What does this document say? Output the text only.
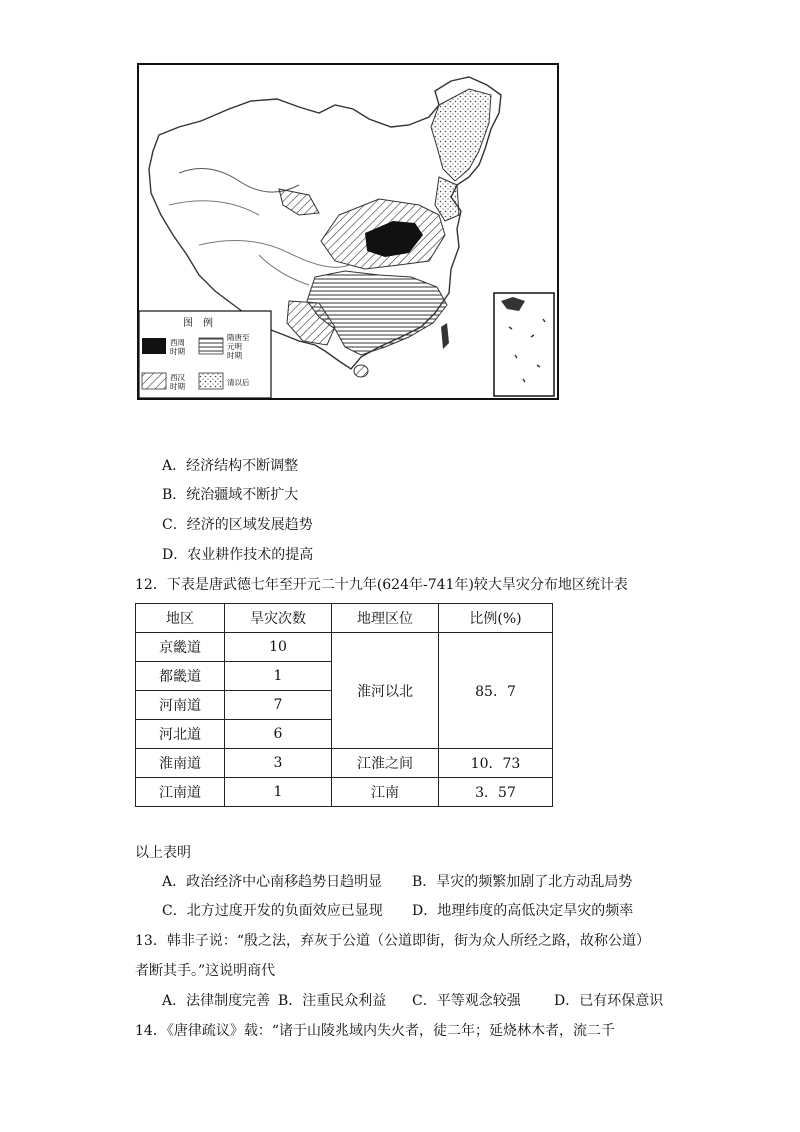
图　例
西周
时期
隋唐至
元明
时期
西汉
时期	清以后
A．经济结构不断调整
B．统治疆域不断扩大
C．经济的区域发展趋势
D．农业耕作技术的提高
12．下表是唐武德七年至开元二十九年(624年-741年)较大旱灾分布地区统计表
地区	旱灾次数	地理区位	比例(%)
京畿道	10	淮河以北	85．7
都畿道	1		
河南道	7		
河北道	6		
淮南道	3	江淮之间	10．73
江南道	1	江南	3．57
以上表明
A．政治经济中心南移趋势日趋明显 B．旱灾的频繁加剧了北方动乱局势
C．北方过度开发的负面效应已显现 D．地理纬度的高低决定旱灾的频率
13．韩非子说：“殷之法，弃灰于公道（公道即街，街为众人所经之路，故称公道）
者断其手。”这说明商代
A．法律制度完善 B．注重民众利益 C．平等观念较强 D．已有环保意识
14．《唐律疏议》载：“诸于山陵兆域内失火者，徒二年；延烧林木者，流二千
